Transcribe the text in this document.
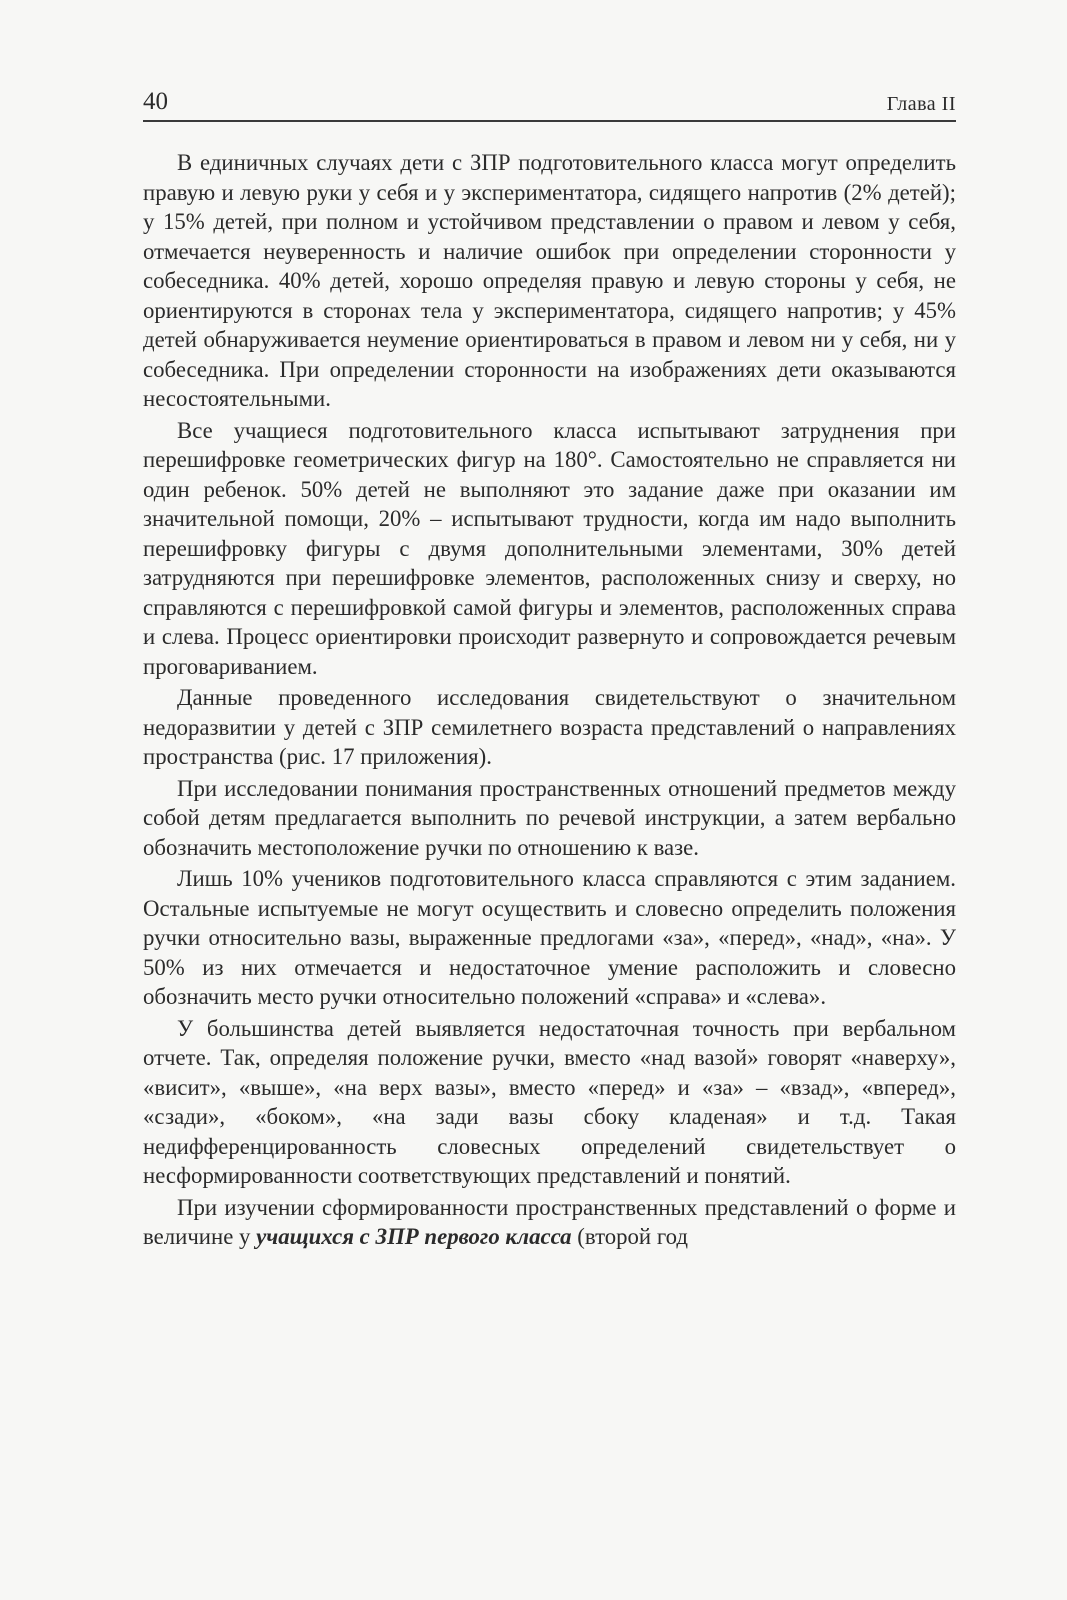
40	Глава II

В единичных случаях дети с ЗПР подготовительного класса могут определить правую и левую руки у себя и у экспериментатора, сидящего напротив (2% детей); у 15% детей, при полном и устойчивом представлении о правом и левом у себя, отмечается неуверенность и наличие ошибок при определении сторонности у собеседника. 40% детей, хорошо определяя правую и левую стороны у себя, не ориентируются в сторонах тела у экспериментатора, сидящего напротив; у 45% детей обнаруживается неумение ориентироваться в правом и левом ни у себя, ни у собеседника. При определении сторонности на изображениях дети оказываются несостоятельными.

Все учащиеся подготовительного класса испытывают затруднения при перешифровке геометрических фигур на 180°. Самостоятельно не справляется ни один ребенок. 50% детей не выполняют это задание даже при оказании им значительной помощи, 20% – испытывают трудности, когда им надо выполнить перешифровку фигуры с двумя дополнительными элементами, 30% детей затрудняются при перешифровке элементов, расположенных снизу и сверху, но справляются с перешифровкой самой фигуры и элементов, расположенных справа и слева. Процесс ориентировки происходит развернуто и сопровождается речевым проговариванием.

Данные проведенного исследования свидетельствуют о значительном недоразвитии у детей с ЗПР семилетнего возраста представлений о направлениях пространства (рис. 17 приложения).

При исследовании понимания пространственных отношений предметов между собой детям предлагается выполнить по речевой инструкции, а затем вербально обозначить местоположение ручки по отношению к вазе.

Лишь 10% учеников подготовительного класса справляются с этим заданием. Остальные испытуемые не могут осуществить и словесно определить положения ручки относительно вазы, выраженные предлогами «за», «перед», «над», «на». У 50% из них отмечается и недостаточное умение расположить и словесно обозначить место ручки относительно положений «справа» и «слева».

У большинства детей выявляется недостаточная точность при вербальном отчете. Так, определяя положение ручки, вместо «над вазой» говорят «наверху», «висит», «выше», «на верх вазы», вместо «перед» и «за» – «взад», «вперед», «сзади», «боком», «на зади вазы сбоку кладеная» и т.д. Такая недифференцированность словесных определений свидетельствует о несформированности соответствующих представлений и понятий.

При изучении сформированности пространственных представлений о форме и величине у учащихся с ЗПР первого класса (второй год
